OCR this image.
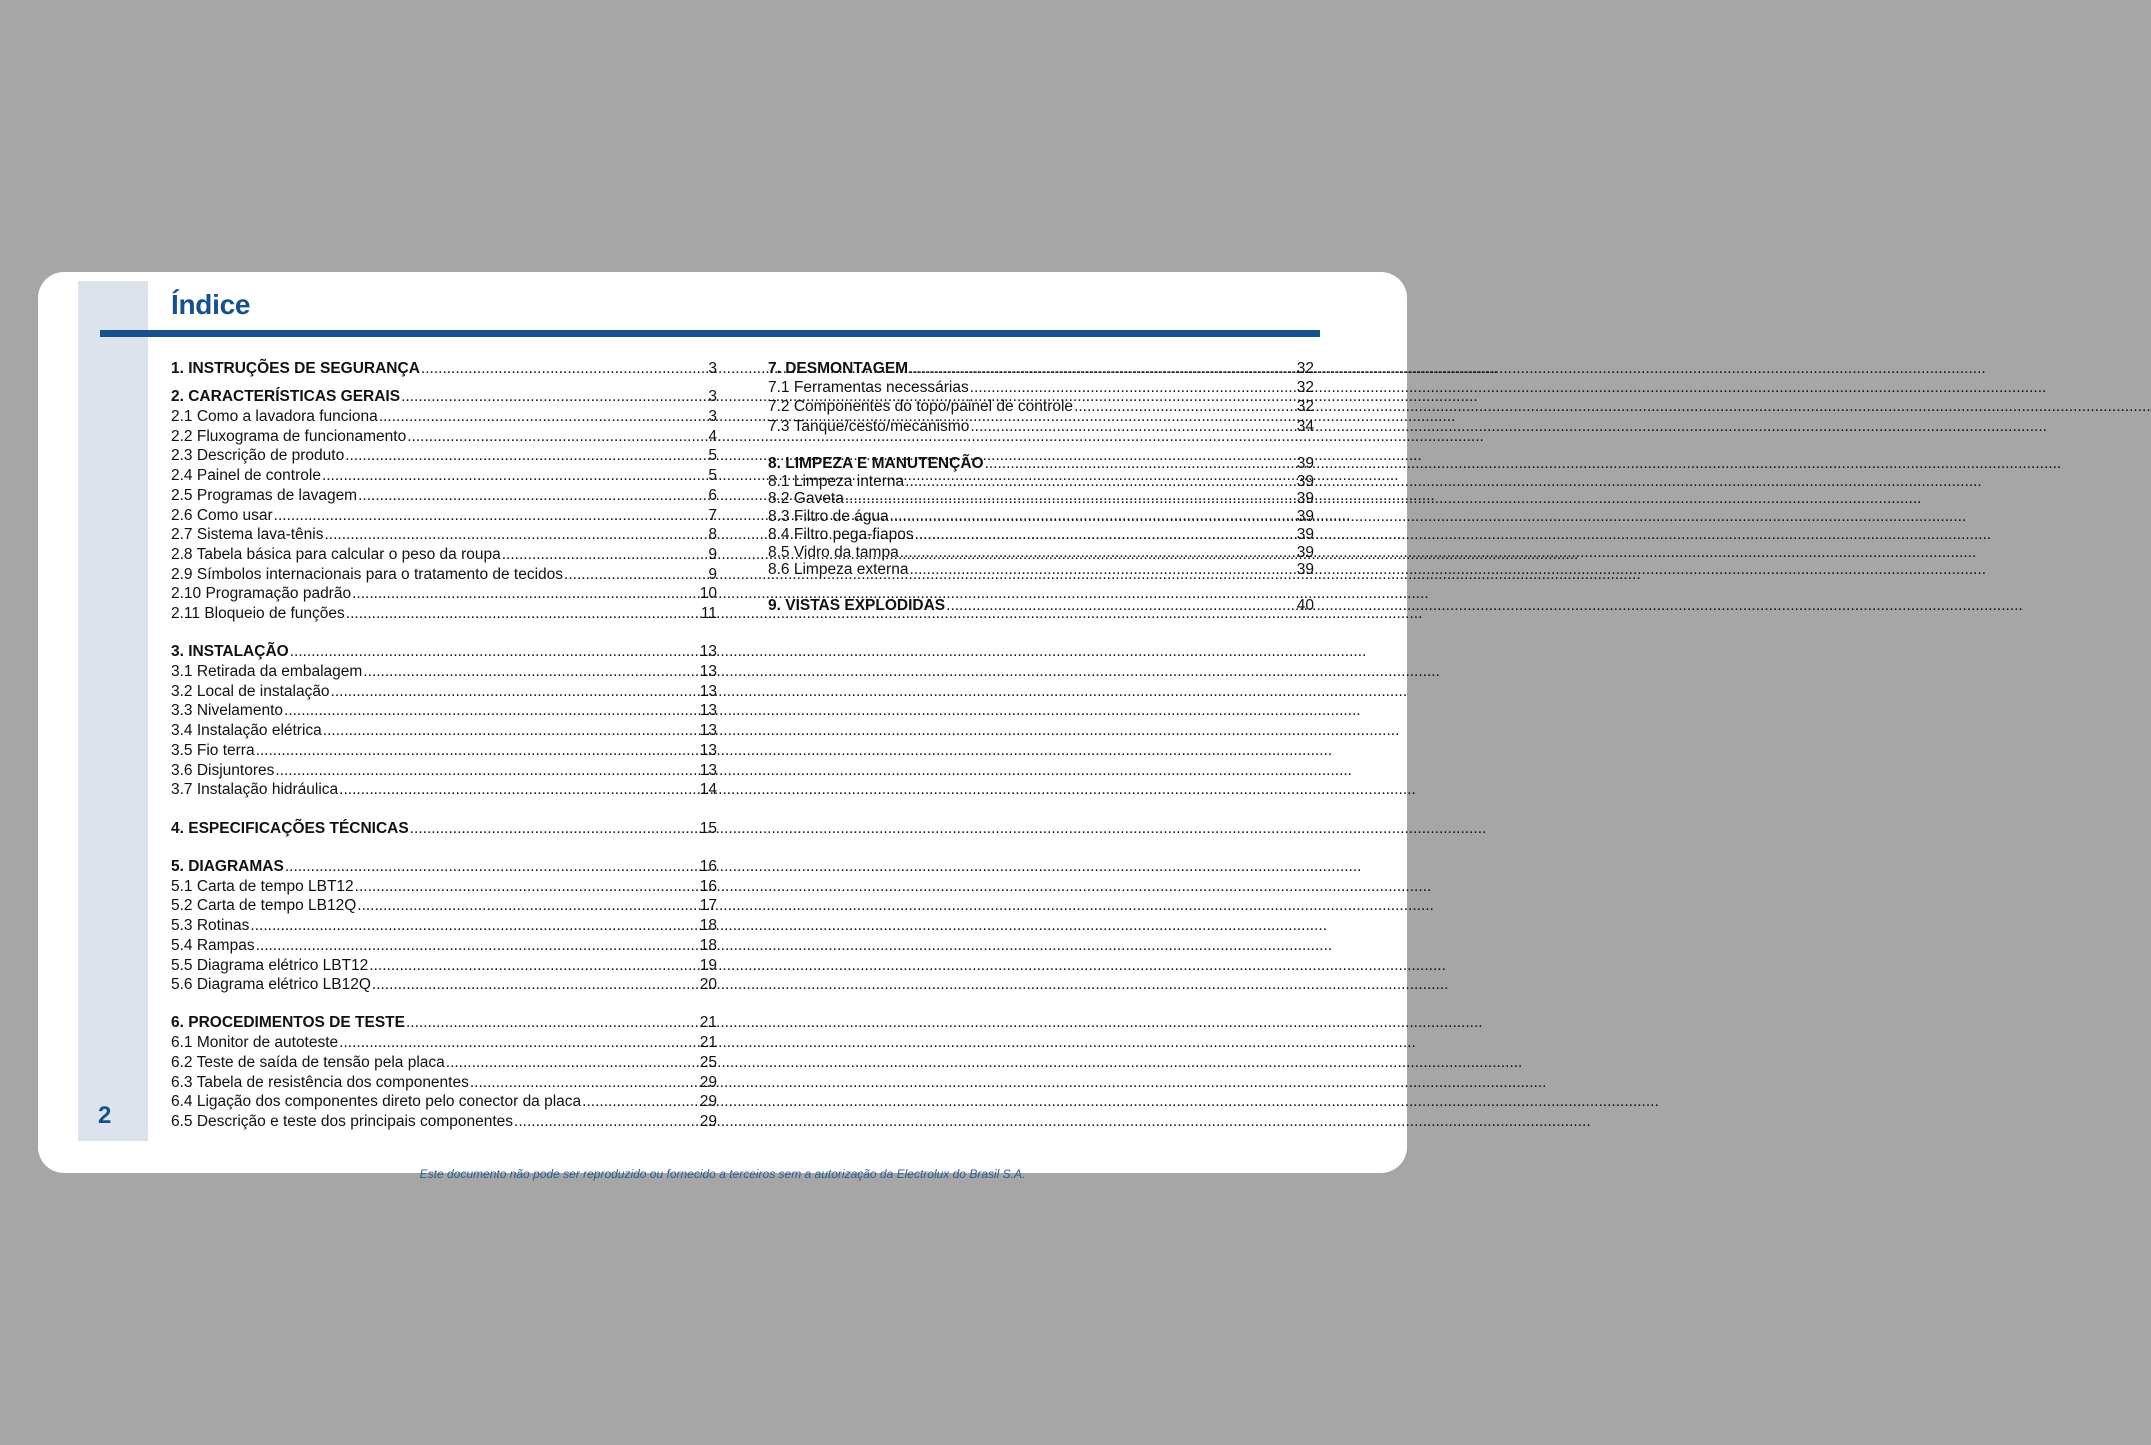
2
Índice
1. INSTRUÇÕES DE SEGURANÇA .....	3
2. CARACTERÍSTICAS GERAIS .....	3
2.1 Como a lavadora funciona .....	3
2.2 Fluxograma de funcionamento .....	4
2.3 Descrição de produto .....	5
2.4 Painel de controle .....	5
2.5 Programas de lavagem .....	6
2.6 Como usar .....	7
2.7 Sistema lava-tênis .....	8
2.8 Tabela básica para calcular o peso da roupa .....	9
2.9 Símbolos internacionais para o tratamento de tecidos .....	9
2.10 Programação padrão .....	10
2.11 Bloqueio de funções .....	11
3. INSTALAÇÃO .....	13
3.1 Retirada da embalagem .....	13
3.2 Local de instalação .....	13
3.3 Nivelamento .....	13
3.4 Instalação elétrica .....	13
3.5 Fio terra .....	13
3.6 Disjuntores .....	13
3.7 Instalação hidráulica .....	14
4. ESPECIFICAÇÕES TÉCNICAS .....	15
5. DIAGRAMAS .....	16
5.1 Carta de tempo LBT12 .....	16
5.2 Carta de tempo LB12Q .....	17
5.3 Rotinas .....	18
5.4 Rampas .....	18
5.5 Diagrama elétrico LBT12 .....	19
5.6 Diagrama elétrico LB12Q .....	20
6. PROCEDIMENTOS DE TESTE .....	21
6.1 Monitor de autoteste .....	21
6.2 Teste de saída de tensão pela placa .....	25
6.3 Tabela de resistência dos componentes .....	29
6.4 Ligação dos componentes direto pelo conector da placa .....	29
6.5 Descrição e teste dos principais componentes .....	29
7. DESMONTAGEM .....	32
7.1 Ferramentas necessárias .....	32
7.2 Componentes do topo/painel de controle .....	32
7.3 Tanque/cesto/mecanismo .....	34
8. LIMPEZA E MANUTENÇÃO .....	39
8.1 Limpeza interna .....	39
8.2 Gaveta .....	39
8.3 Filtro de água .....	39
8.4 Filtro pega-fiapos .....	39
8.5 Vidro da tampa .....	39
8.6 Limpeza externa .....	39
9. VISTAS EXPLODIDAS .....	40
Este documento não pode ser reproduzido ou fornecido a terceiros sem a autorização da Electrolux do Brasil S.A.
